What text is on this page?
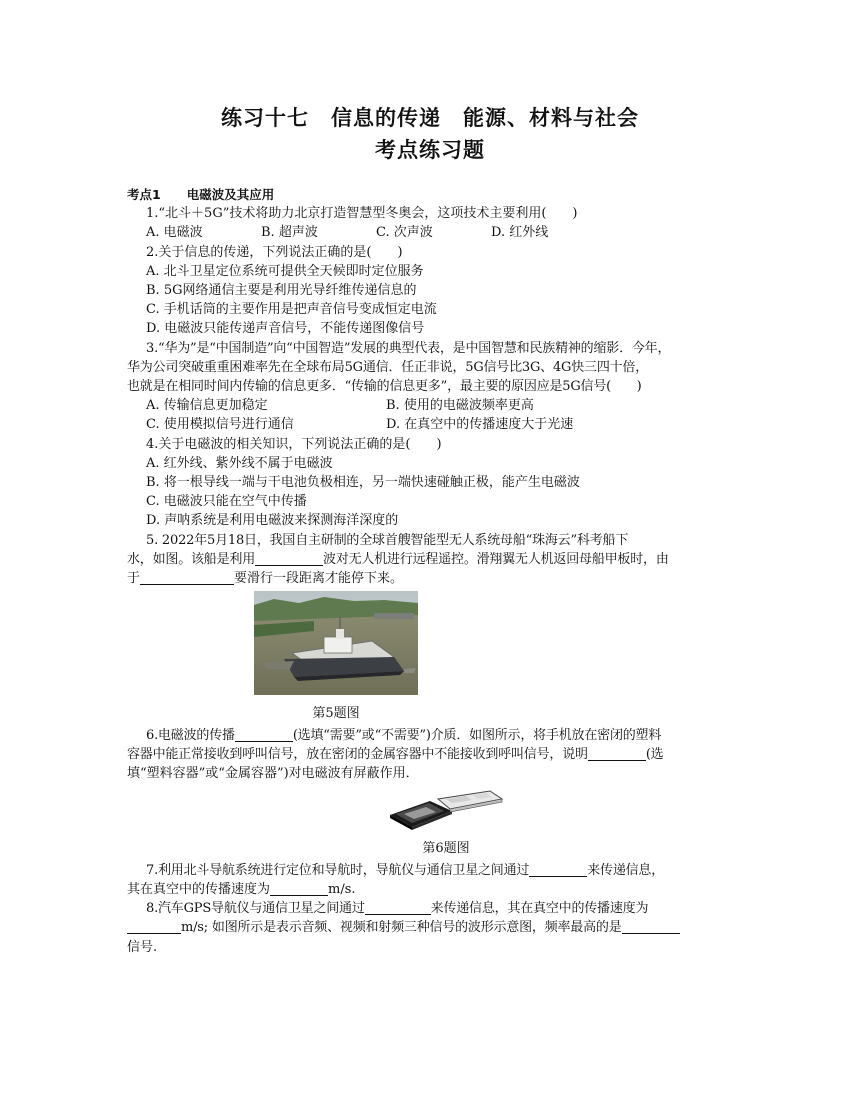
练习十七　信息的传递　能源、材料与社会
考点练习题

考点1 电磁波及其应用

1.“北斗＋5G”技术将助力北京打造智慧型冬奥会，这项技术主要利用(　　)

A. 电磁波	B. 超声波	C. 次声波	D. 红外线

2.关于信息的传递，下列说法正确的是(　　)

A. 北斗卫星定位系统可提供全天候即时定位服务

B. 5G网络通信主要是利用光导纤维传递信息的

C. 手机话筒的主要作用是把声音信号变成恒定电流

D. 电磁波只能传递声音信号，不能传递图像信号

3.“华为”是“中国制造”向“中国智造”发展的典型代表，是中国智慧和民族精神的缩影．今年，

华为公司突破重重困难率先在全球布局5G通信．任正非说，5G信号比3G、4G快三四十倍，

也就是在相同时间内传输的信息更多．“传输的信息更多”，最主要的原因应是5G信号(　　)

A. 传输信息更加稳定	B. 使用的电磁波频率更高
C. 使用模拟信号进行通信	D. 在真空中的传播速度大于光速

4.关于电磁波的相关知识，下列说法正确的是(　　)

A. 红外线、紫外线不属于电磁波

B. 将一根导线一端与干电池负极相连，另一端快速碰触正极，能产生电磁波

C. 电磁波只能在空气中传播

D. 声呐系统是利用电磁波来探测海洋深度的

5. 2022年5月18日，我国自主研制的全球首艘智能型无人系统母船“珠海云”科考船下

水，如图。该船是利用	波对无人机进行远程遥控。滑翔翼无人机返回母船甲板时，由

于	要滑行一段距离才能停下来。

第5题图

6.电磁波的传播	(选填“需要”或“不需要”)介质．如图所示，将手机放在密闭的塑料

容器中能正常接收到呼叫信号，放在密闭的金属容器中不能接收到呼叫信号，说明	(选

填“塑料容器”或“金属容器”)对电磁波有屏蔽作用．

第6题图

7.利用北斗导航系统进行定位和导航时，导航仪与通信卫星之间通过	来传递信息，

其在真空中的传播速度为	m/s.

8.汽车GPS导航仪与通信卫星之间通过	来传递信息，其在真空中的传播速度为

m/s; 如图所示是表示音频、视频和射频三种信号的波形示意图，频率最高的是

信号.
